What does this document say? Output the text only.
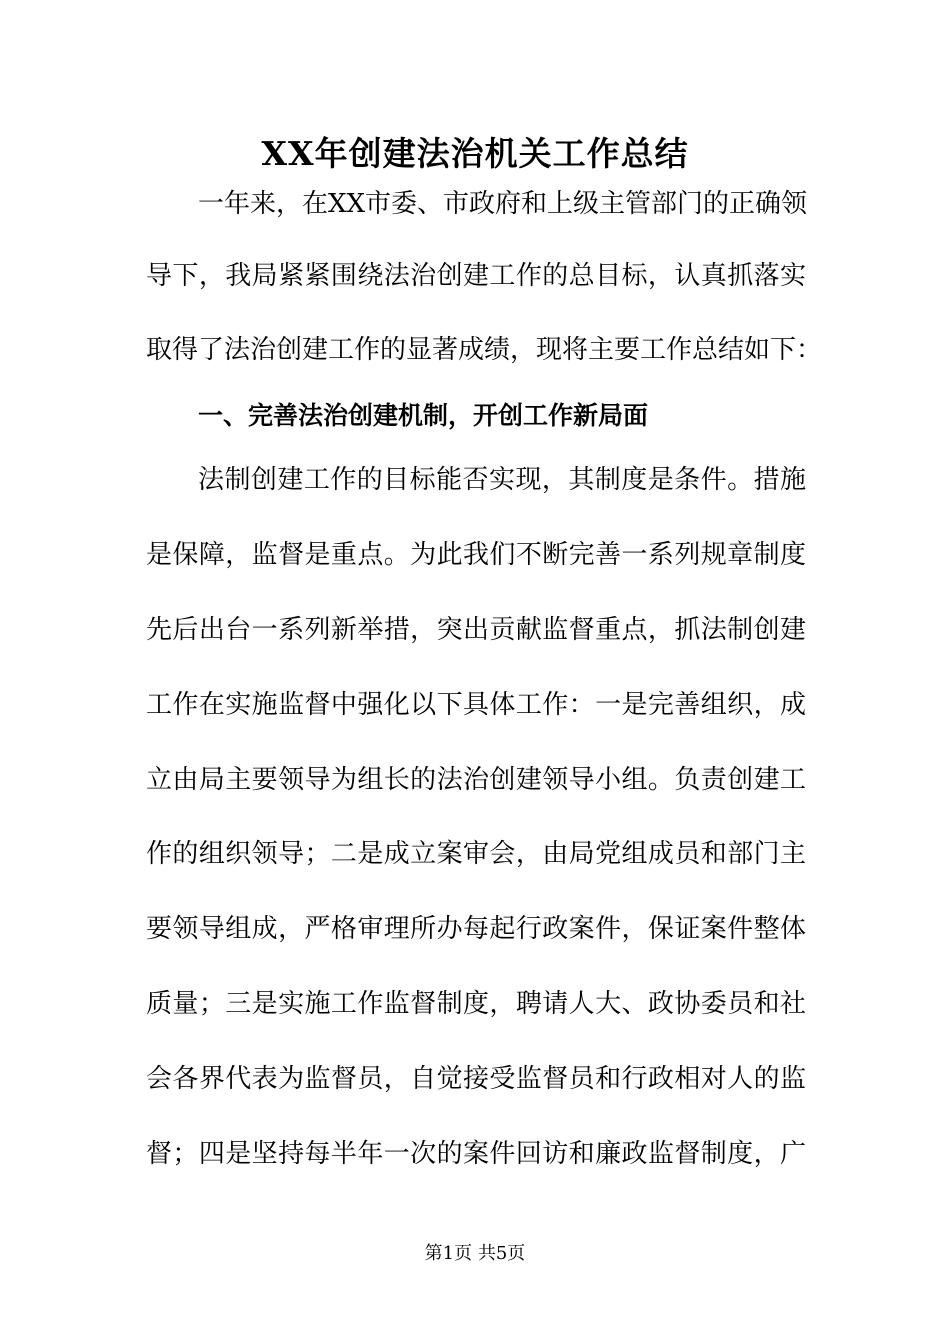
XX年创建法治机关工作总结
一年来，在XX市委、市政府和上级主管部门的正确领
导下，我局紧紧围绕法治创建工作的总目标，认真抓落实
取得了法治创建工作的显著成绩，现将主要工作总结如下：
一、完善法治创建机制，开创工作新局面
法制创建工作的目标能否实现，其制度是条件。措施
是保障，监督是重点。为此我们不断完善一系列规章制度
先后出台一系列新举措，突出贡献监督重点，抓法制创建
工作在实施监督中强化以下具体工作：一是完善组织，成
立由局主要领导为组长的法治创建领导小组。负责创建工
作的组织领导；二是成立案审会，由局党组成员和部门主
要领导组成，严格审理所办每起行政案件，保证案件整体
质量；三是实施工作监督制度，聘请人大、政协委员和社
会各界代表为监督员，自觉接受监督员和行政相对人的监
督；四是坚持每半年一次的案件回访和廉政监督制度，广
第1页 共5页
